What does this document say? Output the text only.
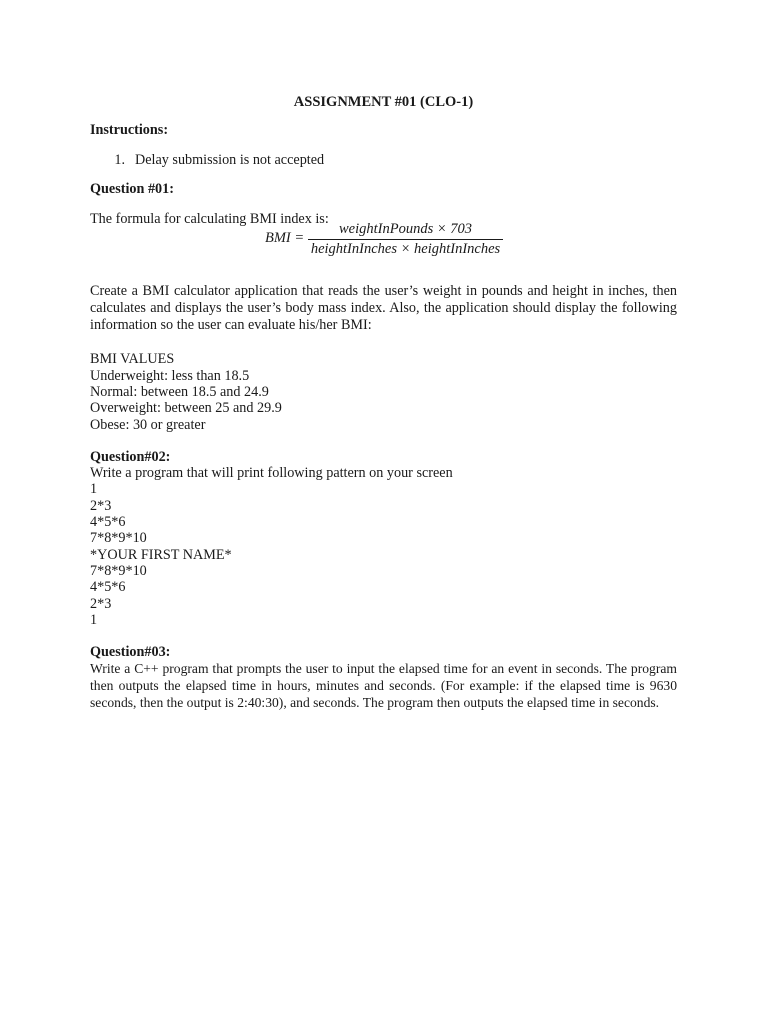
ASSIGNMENT #01 (CLO-1)
Instructions:
1. Delay submission is not accepted
Question #01:

The formula for calculating BMI index is:

BMI =
weightInPounds × 703
heightInInches × heightInInches

Create a BMI calculator application that reads the user’s weight in pounds and height in inches, then calculates and displays the user’s body mass index. Also, the application should display the following information so the user can evaluate his/her BMI:

BMI VALUES
Underweight: less than 18.5
Normal: between 18.5 and 24.9
Overweight: between 25 and 29.9
Obese: 30 or greater
Question#02:
Write a program that will print following pattern on your screen
1
2*3
4*5*6
7*8*9*10
*YOUR FIRST NAME*
7*8*9*10
4*5*6
2*3
1
Question#03:
Write a C++ program that prompts the user to input the elapsed time for an event in seconds. The program then outputs the elapsed time in hours, minutes and seconds. (For example: if the elapsed time is 9630 seconds, then the output is 2:40:30), and seconds. The program then outputs the elapsed time in seconds.
